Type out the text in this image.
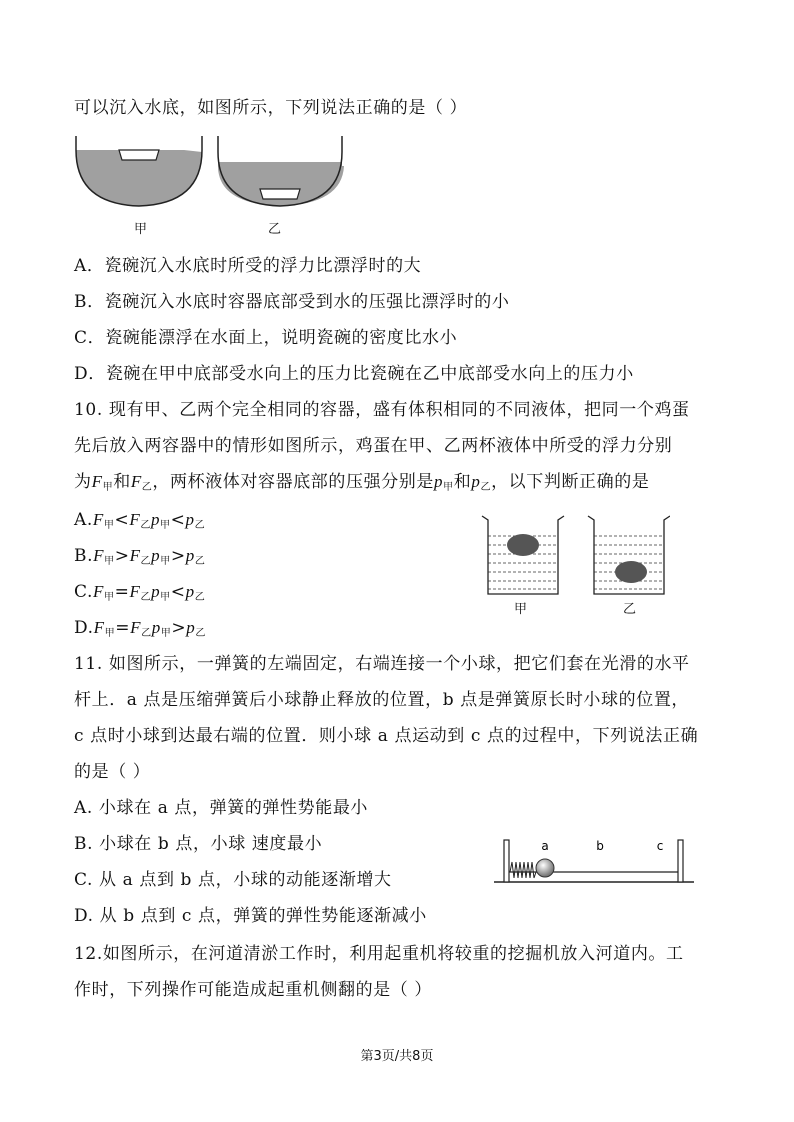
可以沉入水底，如图所示，下列说法正确的是（ ）
甲	乙
A．瓷碗沉入水底时所受的浮力比漂浮时的大
B．瓷碗沉入水底时容器底部受到水的压强比漂浮时的小
C．瓷碗能漂浮在水面上，说明瓷碗的密度比水小
D．瓷碗在甲中底部受水向上的压力比瓷碗在乙中底部受水向上的压力小
10. 现有甲、乙两个完全相同的容器，盛有体积相同的不同液体，把同一个鸡蛋
先后放入两容器中的情形如图所示，鸡蛋在甲、乙两杯液体中所受的浮力分别
为$F_甲$和$F_乙$，两杯液体对容器底部的压强分别是$p_甲$和$p_乙$，以下判断正确的是
$A.F_甲<F_乙p_甲<p_乙$
$B.F_甲>F_乙p_甲>p_乙$
$C.F_甲=F_乙p_甲<p_乙$
$D.F_甲=F_乙p_甲>p_乙$
甲	乙
11. 如图所示，一弹簧的左端固定，右端连接一个小球，把它们套在光滑的水平
杆上．a 点是压缩弹簧后小球静止释放的位置，b 点是弹簧原长时小球的位置，
c 点时小球到达最右端的位置．则小球 a 点运动到 c 点的过程中，下列说法正确
的是（ ）
A. 小球在 a 点，弹簧的弹性势能最小
B. 小球在 b 点，小球 速度最小
C. 从 a 点到 b 点，小球的动能逐渐增大
D. 从 b 点到 c 点，弹簧的弹性势能逐渐减小
a	b	c
12.如图所示，在河道清淤工作时，利用起重机将较重的挖掘机放入河道内。工
作时，下列操作可能造成起重机侧翻的是（ ）
第3页/共8页
